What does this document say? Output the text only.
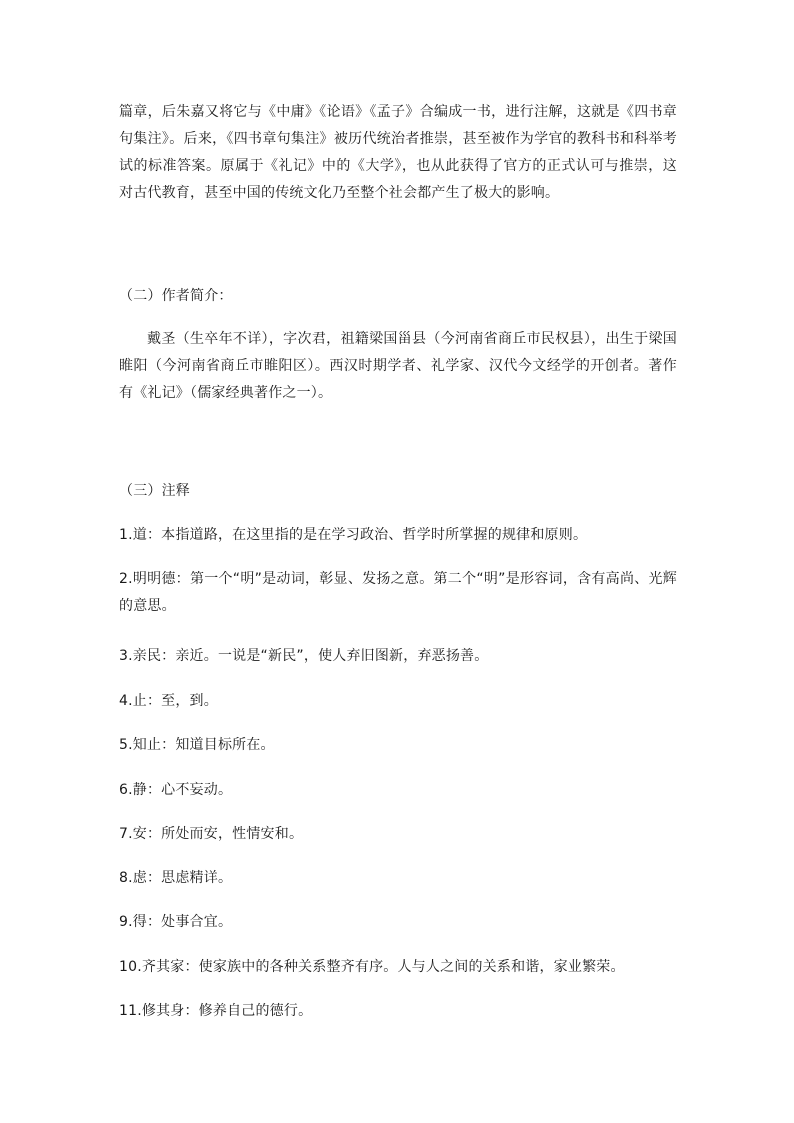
篇章，后朱嘉又将它与《中庸》《论语》《孟子》合编成一书，进行注解，这就是《四书章句集注》。后来，《四书章句集注》被历代统治者推崇，甚至被作为学官的教科书和科举考试的标准答案。原属于《礼记》中的《大学》，也从此获得了官方的正式认可与推崇，这对古代教育，甚至中国的传统文化乃至整个社会都产生了极大的影响。

（二）作者简介：

戴圣（生卒年不详），字次君，祖籍梁国甾县（今河南省商丘市民权县），出生于梁国睢阳（今河南省商丘市睢阳区）。西汉时期学者、礼学家、汉代今文经学的开创者。著作有《礼记》（儒家经典著作之一）。

（三）注释
1.道：本指道路，在这里指的是在学习政治、哲学时所掌握的规律和原则。

2.明明德：第一个“明”是动词，彰显、发扬之意。第二个“明”是形容词，含有高尚、光辉的意思。

3.亲民：亲近。一说是“新民”，使人弃旧图新，弃恶扬善。
4.止：至，到。
5.知止：知道目标所在。
6.静：心不妄动。
7.安：所处而安，性情安和。
8.虑：思虑精详。
9.得：处事合宜。
10.齐其家：使家族中的各种关系整齐有序。人与人之间的关系和谐，家业繁荣。
11.修其身：修养自己的德行。
